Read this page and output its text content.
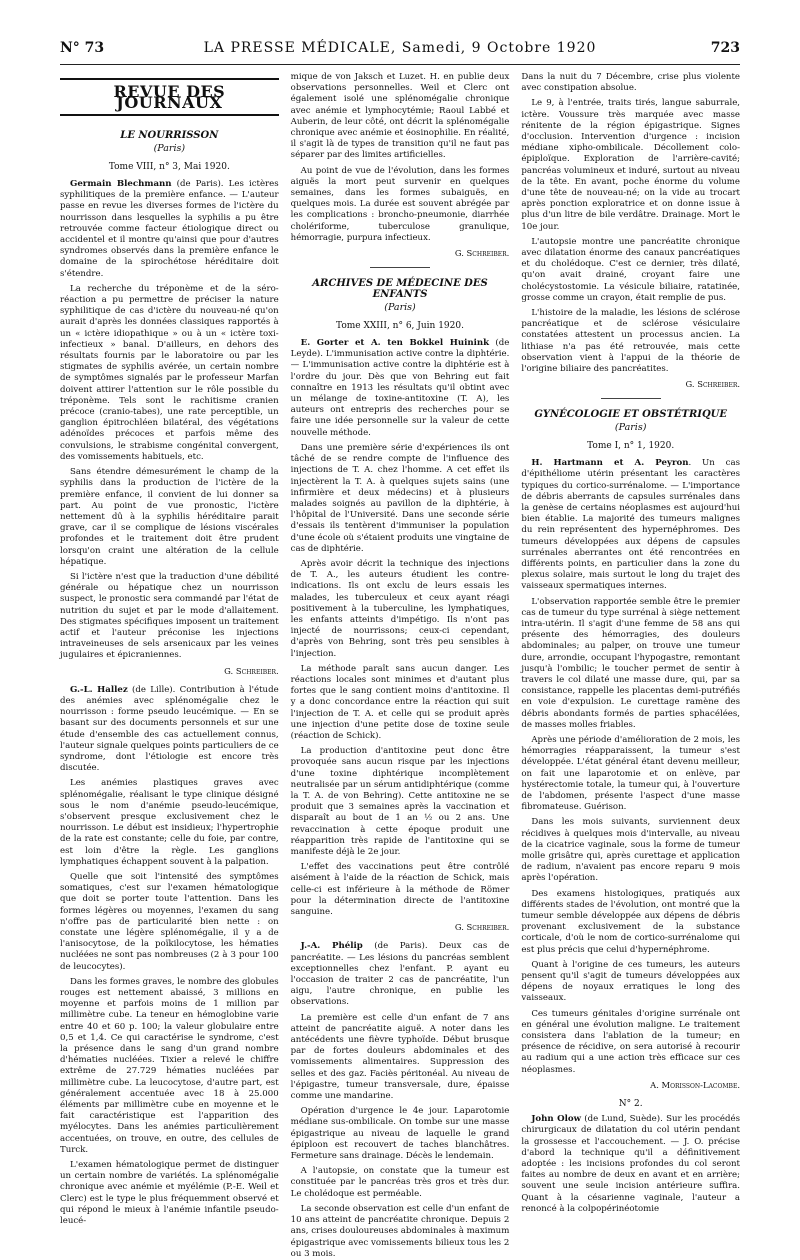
N° 73	LA PRESSE MÉDICALE, Samedi, 9 Octobre 1920	723
REVUE DES JOURNAUX
LE NOURRISSON
(Paris)
Tome VIII, n° 3, Mai 1920.

Germain Blechmann (de Paris). Les ictères syphilitiques de la première enfance. — L'auteur passe en revue les diverses formes de l'ictère du nourrisson dans lesquelles la syphilis a pu être retrouvée comme facteur étiologique direct ou accidentel et il montre qu'ainsi que pour d'autres syndromes observés dans la première enfance le domaine de la spirochétose héréditaire doit s'étendre.

La recherche du tréponème et de la séro-réaction a pu permettre de préciser la nature syphilitique de cas d'ictère du nouveau-né qu'on aurait d'après les données classiques rapportés à un « ictère idiopathique » ou à un « ictère toxi-infectieux » banal. D'ailleurs, en dehors des résultats fournis par le laboratoire ou par les stigmates de syphilis avérée, un certain nombre de symptômes signalés par le professeur Marfan doivent attirer l'attention sur le rôle possible du tréponème. Tels sont le rachitisme cranien précoce (cranio-tabes), une rate perceptible, un ganglion épitrochléen bilatéral, des végétations adénoïdes précoces et parfois même des convulsions, le strabisme congénital convergent, des vomissements habituels, etc.

Sans étendre démesurément le champ de la syphilis dans la production de l'ictère de la première enfance, il convient de lui donner sa part. Au point de vue pronostic, l'ictère nettement dû à la syphilis héréditaire parait grave, car il se complique de lésions viscérales profondes et le traitement doit être prudent lorsqu'on craint une altération de la cellule hépatique.

Si l'ictère n'est que la traduction d'une débilité générale ou hépatique chez un nourrisson suspect, le pronostic sera commandé par l'état de nutrition du sujet et par le mode d'allaitement. Des stigmates spécifiques imposent un traitement actif et l'auteur préconise les injections intraveineuses de sels arsenicaux par les veines jugulaires et épicraniennes.

G. Schreiber.

G.-L. Hallez (de Lille). Contribution à l'étude des anémies avec splénomégalie chez le nourrisson : forme pseudo leucémique. — En se basant sur des documents personnels et sur une étude d'ensemble des cas actuellement connus, l'auteur signale quelques points particuliers de ce syndrome, dont l'étiologie est encore très discutée.

Les anémies plastiques graves avec splénomégalie, réalisant le type clinique désigné sous le nom d'anémie pseudo-leucémique, s'observent presque exclusivement chez le nourrisson. Le début est insidieux; l'hypertrophie de la rate est constante; celle du foie, par contre, est loin d'être la règle. Les ganglions lymphatiques échappent souvent à la palpation.

Quelle que soit l'intensité des symptômes somatiques, c'est sur l'examen hématologique que doit se porter toute l'attention. Dans les formes légères ou moyennes, l'examen du sang n'offre pas de particularité bien nette : on constate une légère splénomégalie, il y a de l'anisocytose, de la poïkilocytose, les hématies nucléées ne sont pas nombreuses (2 à 3 pour 100 de leucocytes).

Dans les formes graves, le nombre des globules rouges est nettement abaissé, 3 millions en moyenne et parfois moins de 1 million par millimètre cube. La teneur en hémoglobine varie entre 40 et 60 p. 100; la valeur globulaire entre 0,5 et 1,4. Ce qui caractérise le syndrome, c'est la présence dans le sang d'un grand nombre d'hématies nucléées. Tixier a relevé le chiffre extrême de 27.729 hématies nucléées par millimètre cube. La leucocytose, d'autre part, est généralement accentuée avec 18 à 25.000 éléments par millimètre cube en moyenne et le fait caractéristique est l'apparition des myélocytes. Dans les anémies particulièrement accentuées, on trouve, en outre, des cellules de Turck.

L'examen hématologique permet de distinguer un certain nombre de variétés. La splénomégalie chronique avec anémie et myélémie (P.-E. Weil et Clerc) est le type le plus fréquemment observé et qui répond le mieux à l'anémie infantile pseudo-leucé-

mique de von Jaksch et Luzet. H. en publie deux observations personnelles. Weil et Clerc ont également isolé une splénomégalie chronique avec anémie et lymphocytémie; Raoul Labbé et Auberin, de leur côté, ont décrit la splénomégalie chronique avec anémie et éosinophilie. En réalité, il s'agit là de types de transition qu'il ne faut pas séparer par des limites artificielles.

Au point de vue de l'évolution, dans les formes aiguës la mort peut survenir en quelques semaines, dans les formes subaiguës, en quelques mois. La durée est souvent abrégée par les complications : broncho-pneumonie, diarrhée cholériforme, tuberculose granulique, hémorragie, purpura infectieux.

G. Schreiber.
ARCHIVES DE MÉDECINE DES ENFANTS
(Paris)
Tome XXIII, n° 6, Juin 1920.

E. Gorter et A. ten Bokkel Huinink (de Leyde). L'immunisation active contre la diphtérie. — L'immunisation active contre la diphtérie est à l'ordre du jour. Dès que von Behring eut fait connaître en 1913 les résultats qu'il obtint avec un mélange de toxine-antitoxine (T. A), les auteurs ont entrepris des recherches pour se faire une idée personnelle sur la valeur de cette nouvelle méthode.

Dans une première série d'expériences ils ont tâché de se rendre compte de l'influence des injections de T. A. chez l'homme. A cet effet ils injectèrent la T. A. à quelques sujets sains (une infirmière et deux médecins) et à plusieurs malades soignés au pavillon de la diphtérie, à l'hôpital de l'Université. Dans une seconde série d'essais ils tentèrent d'immuniser la population d'une école où s'étaient produits une vingtaine de cas de diphtérie.

Après avoir décrit la technique des injections de T. A., les auteurs étudient les contre-indications. Ils ont exclu de leurs essais les malades, les tuberculeux et ceux ayant réagi positivement à la tuberculine, les lymphatiques, les enfants atteints d'impétigo. Ils n'ont pas injecté de nourrissons; ceux-ci cependant, d'après von Behring, sont très peu sensibles à l'injection.

La méthode paraît sans aucun danger. Les réactions locales sont minimes et d'autant plus fortes que le sang contient moins d'antitoxine. Il y a donc concordance entre la réaction qui suit l'injection de T. A. et celle qui se produit après une injection d'une petite dose de toxine seule (réaction de Schick).

La production d'antitoxine peut donc être provoquée sans aucun risque par les injections d'une toxine diphtérique incomplètement neutralisée par un sérum antidiphtérique (comme la T. A. de von Behring). Cette antitoxine ne se produit que 3 semaines après la vaccination et disparaît au bout de 1 an ½ ou 2 ans. Une revaccination à cette époque produit une réapparition très rapide de l'antitoxine qui se manifeste déjà le 2e jour.

L'effet des vaccinations peut être contrôlé aisément à l'aide de la réaction de Schick, mais celle-ci est inférieure à la méthode de Römer pour la détermination directe de l'antitoxine sanguine.

G. Schreiber.

J.-A. Phélip (de Paris). Deux cas de pancréatite. — Les lésions du pancréas semblent exceptionnelles chez l'enfant. P. ayant eu l'occasion de traiter 2 cas de pancréatite, l'un aigu, l'autre chronique, en publie les observations.

La première est celle d'un enfant de 7 ans atteint de pancréatite aiguë. A noter dans les antécédents une fièvre typhoïde. Début brusque par de fortes douleurs abdominales et des vomissements alimentaires. Suppression des selles et des gaz. Faciès péritonéal. Au niveau de l'épigastre, tumeur transversale, dure, épaisse comme une mandarine.

Opération d'urgence le 4e jour. Laparotomie médiane sus-ombilicale. On tombe sur une masse épigastrique au niveau de laquelle le grand épiploon est recouvert de taches blanchâtres. Fermeture sans drainage. Décès le lendemain.

A l'autopsie, on constate que la tumeur est constituée par le pancréas très gros et très dur. Le cholédoque est perméable.

La seconde observation est celle d'un enfant de 10 ans atteint de pancréatite chronique. Depuis 2 ans, crises douloureuses abdominales à maximum épigastrique avec vomissements bilieux tous les 2 ou 3 mois.

Dans la nuit du 7 Décembre, crise plus violente avec constipation absolue.

Le 9, à l'entrée, traits tirés, langue saburrale, ictère. Voussure très marquée avec masse rénitente de la région épigastrique. Signes d'occlusion. Intervention d'urgence : incision médiane xipho-ombilicale. Décollement colo-épiploïque. Exploration de l'arrière-cavité; pancréas volumineux et induré, surtout au niveau de la tête. En avant, poche énorme du volume d'une tête de nouveau-né; on la vide au trocart après ponction exploratrice et on donne issue à plus d'un litre de bile verdâtre. Drainage. Mort le 10e jour.

L'autopsie montre une pancréatite chronique avec dilatation énorme des canaux pancréatiques et du cholédoque. C'est ce dernier, très dilaté, qu'on avait drainé, croyant faire une cholécystostomie. La vésicule biliaire, ratatinée, grosse comme un crayon, était remplie de pus.

L'histoire de la maladie, les lésions de sclérose pancréatique et de sclérose vésiculaire constatées attestent un processus ancien. La lithiase n'a pas été retrouvée, mais cette observation vient à l'appui de la théorie de l'origine biliaire des pancréatites.

G. Schreiber.
GYNÉCOLOGIE ET OBSTÉTRIQUE
(Paris)
Tome I, n° 1, 1920.

H. Hartmann et A. Peyron. Un cas d'épithéliome utérin présentant les caractères typiques du cortico-surrénalome. — L'importance de débris aberrants de capsules surrénales dans la genèse de certains néoplasmes est aujourd'hui bien établie. La majorité des tumeurs malignes du rein représentent des hypernéphromes. Des tumeurs développées aux dépens de capsules surrénales aberrantes ont été rencontrées en différents points, en particulier dans la zone du plexus solaire, mais surtout le long du trajet des vaisseaux spermatiques internes.

L'observation rapportée semble être le premier cas de tumeur du type surrénal à siège nettement intra-utérin. Il s'agit d'une femme de 58 ans qui présente des hémorragies, des douleurs abdominales; au palper, on trouve une tumeur dure, arrondie, occupant l'hypogastre, remontant jusqu'à l'ombilic; le toucher permet de sentir à travers le col dilaté une masse dure, qui, par sa consistance, rappelle les placentas demi-putréfiés en voie d'expulsion. Le curettage ramène des débris abondants formés de parties sphacélées, de masses molles friables.

Après une période d'amélioration de 2 mois, les hémorragies réapparaissent, la tumeur s'est développée. L'état général étant devenu meilleur, on fait une laparotomie et on enlève, par hystérectomie totale, la tumeur qui, à l'ouverture de l'abdomen, présente l'aspect d'une masse fibromateuse. Guérison.

Dans les mois suivants, surviennent deux récidives à quelques mois d'intervalle, au niveau de la cicatrice vaginale, sous la forme de tumeur molle grisâtre qui, après curettage et application de radium, n'avaient pas encore reparu 9 mois après l'opération.

Des examens histologiques, pratiqués aux différents stades de l'évolution, ont montré que la tumeur semble développée aux dépens de débris provenant exclusivement de la substance corticale, d'où le nom de cortico-surrénalome qui est plus précis que celui d'hypernéphrome.

Quant à l'origine de ces tumeurs, les auteurs pensent qu'il s'agit de tumeurs développées aux dépens de noyaux erratiques le long des vaisseaux.

Ces tumeurs génitales d'origine surrénale ont en général une évolution maligne. Le traitement consistera dans l'ablation de la tumeur; en présence de récidive, on sera autorisé à recourir au radium qui a une action très efficace sur ces néoplasmes.

A. Morisson-Lacombe.
N° 2.

John Olow (de Lund, Suède). Sur les procédés chirurgicaux de dilatation du col utérin pendant la grossesse et l'accouchement. — J. O. précise d'abord la technique qu'il a définitivement adoptée : les incisions profondes du col seront faites au nombre de deux en avant et en arrière; souvent une seule incision antérieure suffira. Quant à la césarienne vaginale, l'auteur a renoncé à la colpopérinéotomie
